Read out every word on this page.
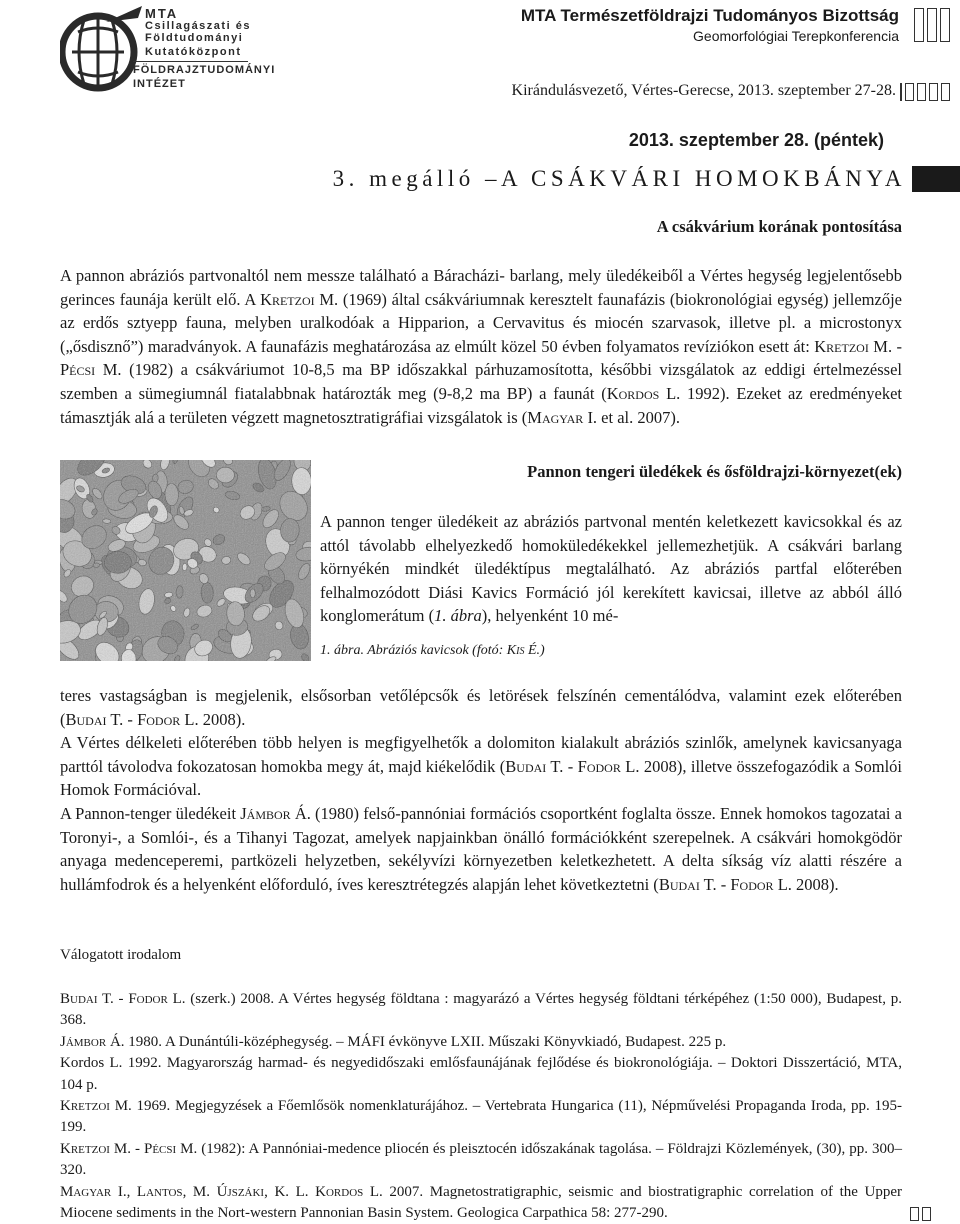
MTA
Csillagászati és
Földtudományi
Kutatóközpont
FÖLDRAJZTUDOMÁNYI
INTÉZET
MTA Természetföldrajzi Tudományos Bizottság
Geomorfológiai Terepkonferencia
Kirándulásvezető, Vértes-Gerecse, 2013. szeptember 27-28.
2013. szeptember 28. (péntek)
3. megálló –A CSÁKVÁRI HOMOKBÁNYA
A csákvárium korának pontosítása
A pannon abráziós partvonaltól nem messze található a Báracházi- barlang, mely üledékeiből a Vértes hegység legjelentősebb gerinces faunája került elő. A Kretzoi M. (1969) által csákváriumnak keresztelt faunafázis (biokronológiai egység) jellemzője az erdős sztyepp fauna, melyben uralkodóak a Hipparion, a Cervavitus és miocén szarvasok, illetve pl. a microstonyx („ősdisznő”) maradványok. A faunafázis meghatározása az elmúlt közel 50 évben folyamatos revíziókon esett át: Kretzoi M. - Pécsi M. (1982) a csákváriumot 10-8,5 ma BP időszakkal párhuzamosította, későbbi vizsgálatok az eddigi értelmezéssel szemben a sümegiumnál fiatalabbnak határozták meg (9-8,2 ma BP) a faunát (Kordos L. 1992). Ezeket az eredményeket támasztják alá a területen végzett magnetosztratigráfiai vizsgálatok is (Magyar I. et al. 2007).
Pannon tengeri üledékek és ősföldrajzi-környezet(ek)
A pannon tenger üledékeit az abráziós partvonal mentén keletkezett kavicsokkal és az attól távolabb elhelyezkedő homoküledékekkel jellemezhetjük. A csákvári barlang környékén mindkét üledéktípus megtalálható. Az abráziós partfal előterében felhalmozódott Diási Kavics Formáció jól kerekített kavicsai, illetve az abból álló konglomerátum (1. ábra), helyenként 10 mé-
1. ábra. Abráziós kavicsok (fotó: Kis É.)
teres vastagságban is megjelenik, elsősorban vetőlépcsők és letörések felszínén cementálódva, valamint ezek előterében (Budai T. - Fodor L. 2008).
A Vértes délkeleti előterében több helyen is megfigyelhetők a dolomiton kialakult abráziós szinlők, amelynek kavicsanyaga parttól távolodva fokozatosan homokba megy át, majd kiékelődik (Budai T. - Fodor L. 2008), illetve összefogazódik a Somlói Homok Formációval.
A Pannon-tenger üledékeit Jámbor Á. (1980) felső-pannóniai formációs csoportként foglalta össze. Ennek homokos tagozatai a Toronyi-, a Somlói-, és a Tihanyi Tagozat, amelyek napjainkban önálló formációkként szerepelnek. A csákvári homokgödör anyaga medenceperemi, partközeli helyzetben, sekélyvízi környezetben keletkezhetett. A delta síkság víz alatti részére a hullámfodrok és a helyenként előforduló, íves keresztrétegzés alapján lehet következtetni (Budai T. - Fodor L. 2008).
Válogatott irodalom

Budai T. - Fodor L. (szerk.) 2008. A Vértes hegység földtana : magyarázó a Vértes hegység földtani térképéhez (1:50 000), Budapest, p. 368.

Jámbor Á. 1980. A Dunántúli-középhegység. – MÁFI évkönyve LXII. Műszaki Könyvkiadó, Budapest. 225 p.

Kordos L. 1992. Magyarország harmad- és negyedidőszaki emlősfaunájának fejlődése és biokronológiája. – Doktori Disszertáció, MTA, 104 p.

Kretzoi M. 1969. Megjegyzések a Főemlősök nomenklaturájához. – Vertebrata Hungarica (11), Népművelési Propaganda Iroda, pp. 195-199.

Kretzoi M. - Pécsi M. (1982): A Pannóniai-medence pliocén és pleisztocén időszakának tagolása. – Földrajzi Közlemények, (30), pp. 300–320.

Magyar I., Lantos, M. Újszáki, K. L. Kordos L. 2007. Magnetostratigraphic, seismic and biostratigraphic correlation of the Upper Miocene sediments in the Nort-western Pannonian Basin System. Geologica Carpathica 58: 277-290.
